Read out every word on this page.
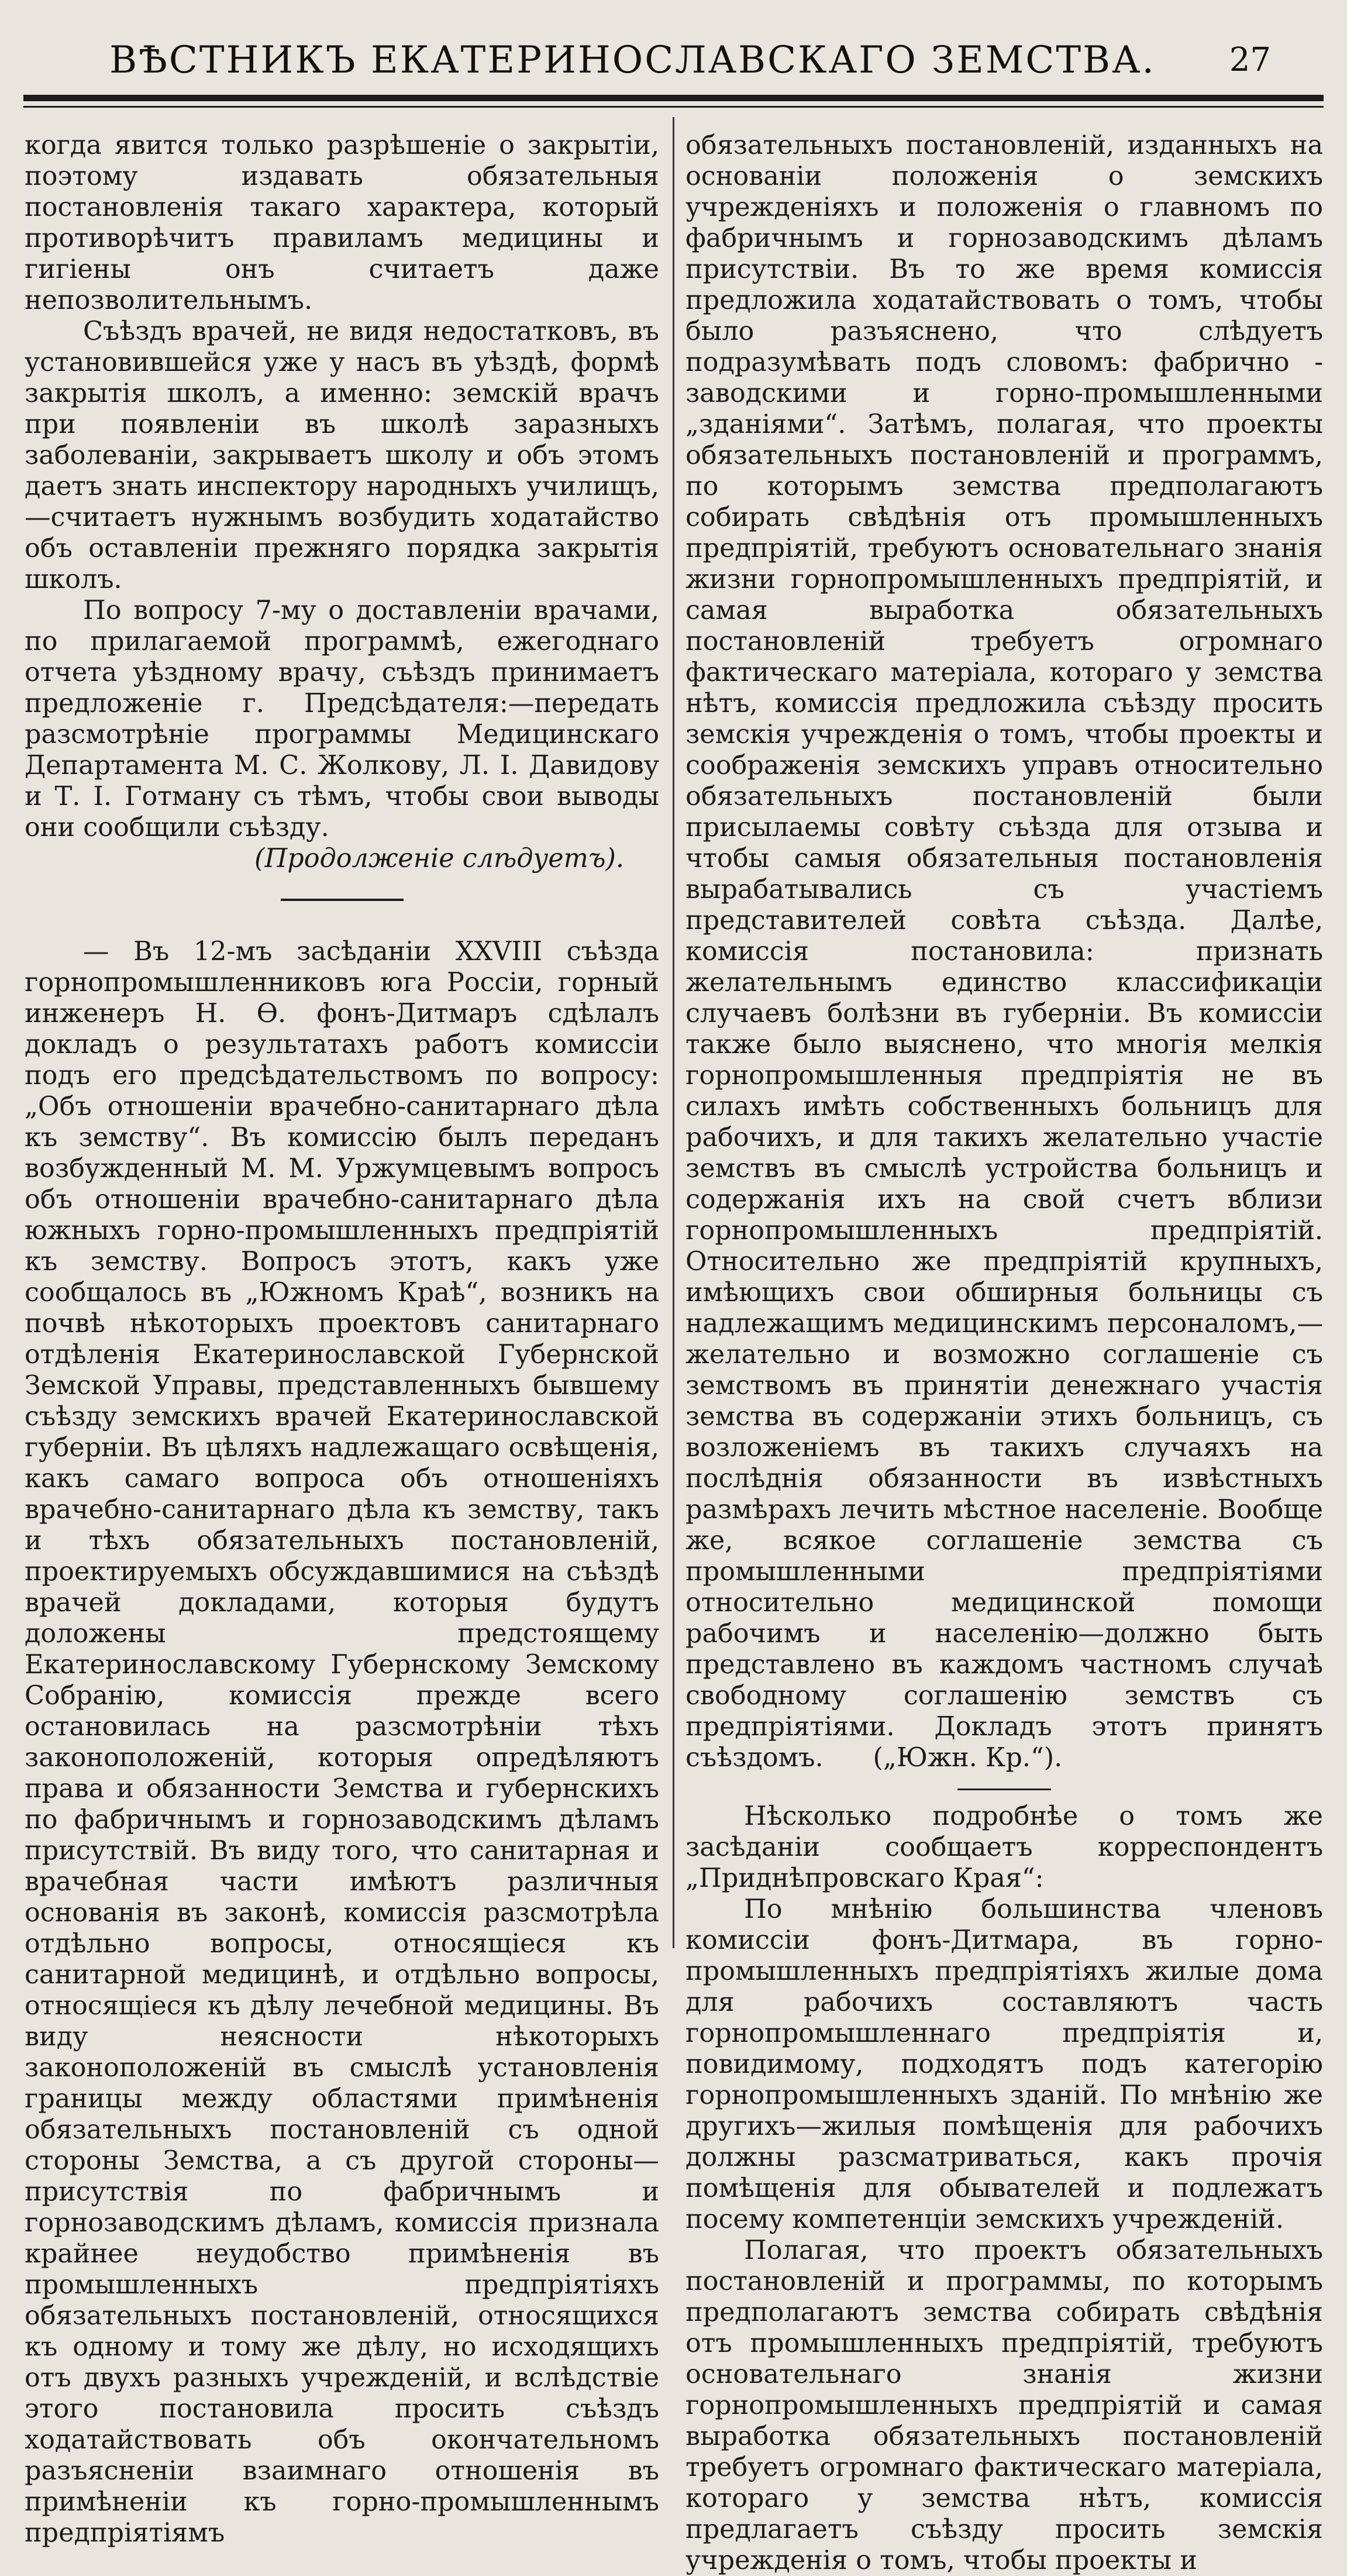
ВѢСТНИКЪ ЕКАТЕРИНОСЛАВСКАГО ЗЕМСТВА.	27

когда явится только разрѣшеніе о закрытіи, поэтому издавать обязательныя постановленія такаго характера, который противорѣчитъ правиламъ медицины и гигіены онъ считаетъ даже непозволительнымъ.

Съѣздъ врачей, не видя недостатковъ, въ установившейся уже у насъ въ уѣздѣ, формѣ закрытія школъ, а именно: земскій врачъ при появленіи въ школѣ заразныхъ заболеваніи, закрываетъ школу и объ этомъ даетъ знать инспектору народныхъ училищъ,—считаетъ нужнымъ возбудить ходатайство объ оставленіи прежняго порядка закрытія школъ.

По вопросу 7-му о доставленіи врачами, по прилагаемой программѣ, ежегоднаго отчета уѣздному врачу, съѣздъ принимаетъ предложеніе г. Предсѣдателя:—передать разсмотрѣніе программы Медицинскаго Департамента М. С. Жолкову, Л. І. Давидову и Т. І. Готману съ тѣмъ, чтобы свои выводы они сообщили съѣзду.

(Продолженіе слѣдуетъ).

— Въ 12-мъ засѣданіи XXVIII съѣзда горнопромышленниковъ юга Россіи, горный инженеръ Н. Ѳ. фонъ-Дитмаръ сдѣлалъ докладъ о результатахъ работъ комиссіи подъ его предсѣдательствомъ по вопросу: „Объ отношеніи врачебно-санитарнаго дѣла къ земству“. Въ комиссію былъ переданъ возбужденный М. М. Уржумцевымъ вопросъ объ отношеніи врачебно-санитарнаго дѣла южныхъ горно-промышленныхъ предпріятій къ земству. Вопросъ этотъ, какъ уже сообщалось въ „Южномъ Краѣ“, возникъ на почвѣ нѣкоторыхъ проектовъ санитарнаго отдѣленія Екатеринославской Губернской Земской Управы, представленныхъ бывшему съѣзду земскихъ врачей Екатеринославской губерніи. Въ цѣляхъ надлежащаго освѣщенія, какъ самаго вопроса объ отношеніяхъ врачебно-санитарнаго дѣла къ земству, такъ и тѣхъ обязательныхъ постановленій, проектируемыхъ обсуждавшимися на съѣздѣ врачей докладами, которыя будутъ доложены предстоящему Екатеринославскому Губернскому Земскому Собранію, комиссія прежде всего остановилась на разсмотрѣніи тѣхъ законоположеній, которыя опредѣляютъ права и обязанности Земства и губернскихъ по фабричнымъ и горнозаводскимъ дѣламъ присутствій. Въ виду того, что санитарная и врачебная части имѣютъ различныя основанія въ законѣ, комиссія разсмотрѣла отдѣльно вопросы, относящіеся къ санитарной медицинѣ, и отдѣльно вопросы, относящіеся къ дѣлу лечебной медицины. Въ виду неясности нѣкоторыхъ законоположеній въ смыслѣ установленія границы между областями примѣненія обязательныхъ постановленій съ одной стороны Земства, а съ другой стороны—присутствія по фабричнымъ и горнозаводскимъ дѣламъ, комиссія признала крайнее неудобство примѣненія въ промышленныхъ предпріятіяхъ обязательныхъ постановленій, относящихся къ одному и тому же дѣлу, но исходящихъ отъ двухъ разныхъ учрежденій, и вслѣдствіе этого постановила просить съѣздъ ходатайствовать объ окончательномъ разъясненіи взаимнаго отношенія въ примѣненіи къ горно-промышленнымъ предпріятіямъ

обязательныхъ постановленій, изданныхъ на основаніи положенія о земскихъ учрежденіяхъ и положенія о главномъ по фабричнымъ и горнозаводскимъ дѣламъ присутствіи. Въ то же время комиссія предложила ходатайствовать о томъ, чтобы было разъяснено, что слѣдуетъ подразумѣвать подъ словомъ: фабрично - заводскими и горно-промышленными „зданіями“. Затѣмъ, полагая, что проекты обязательныхъ постановленій и программъ, по которымъ земства предполагаютъ собирать свѣдѣнія отъ промышленныхъ предпріятій, требуютъ основательнаго знанія жизни горнопромышленныхъ предпріятій, и самая выработка обязательныхъ постановленій требуетъ огромнаго фактическаго матеріала, котораго у земства нѣтъ, комиссія предложила съѣзду просить земскія учрежденія о томъ, чтобы проекты и соображенія земскихъ управъ относительно обязательныхъ постановленій были присылаемы совѣту съѣзда для отзыва и чтобы самыя обязательныя постановленія вырабатывались съ участіемъ представителей совѣта съѣзда. Далѣе, комиссія постановила: признать желательнымъ единство классификаціи случаевъ болѣзни въ губерніи. Въ комиссіи также было выяснено, что многія мелкія горнопромышленныя предпріятія не въ силахъ имѣть собственныхъ больницъ для рабочихъ, и для такихъ желательно участіе земствъ въ смыслѣ устройства больницъ и содержанія ихъ на свой счетъ вблизи горнопромышленныхъ предпріятій. Относительно же предпріятій крупныхъ, имѣющихъ свои обширныя больницы съ надлежащимъ медицинскимъ персоналомъ,—желательно и возможно соглашеніе съ земствомъ въ принятіи денежнаго участія земства въ содержаніи этихъ больницъ, съ возложеніемъ въ такихъ случаяхъ на послѣднія обязанности въ извѣстныхъ размѣрахъ лечить мѣстное населеніе. Вообще же, всякое соглашеніе земства съ промышленными предпріятіями относительно медицинской помощи рабочимъ и населенію—должно быть представлено въ каждомъ частномъ случаѣ свободному соглашенію земствъ съ предпріятіями. Докладъ этотъ принятъ съѣздомъ. („Южн. Кр.“).

Нѣсколько подробнѣе о томъ же засѣданіи сообщаетъ корреспондентъ „Приднѣпровскаго Края“:

По мнѣнію большинства членовъ комиссіи фонъ-Дитмара, въ горно-промышленныхъ предпріятіяхъ жилые дома для рабочихъ составляютъ часть горнопромышленнаго предпріятія и, повидимому, подходятъ подъ категорію горнопромышленныхъ зданій. По мнѣнію же другихъ—жилыя помѣщенія для рабочихъ должны разсматриваться, какъ прочія помѣщенія для обывателей и подлежатъ посему компетенціи земскихъ учрежденій.

Полагая, что проектъ обязательныхъ постановленій и программы, по которымъ предполагаютъ земства собирать свѣдѣнія отъ промышленныхъ предпріятій, требуютъ основательнаго знанія жизни горнопромышленныхъ предпріятій и самая выработка обязательныхъ постановленій требуетъ огромнаго фактическаго матеріала, котораго у земства нѣтъ, комиссія предлагаетъ съѣзду просить земскія учрежденія о томъ, чтобы проекты и
